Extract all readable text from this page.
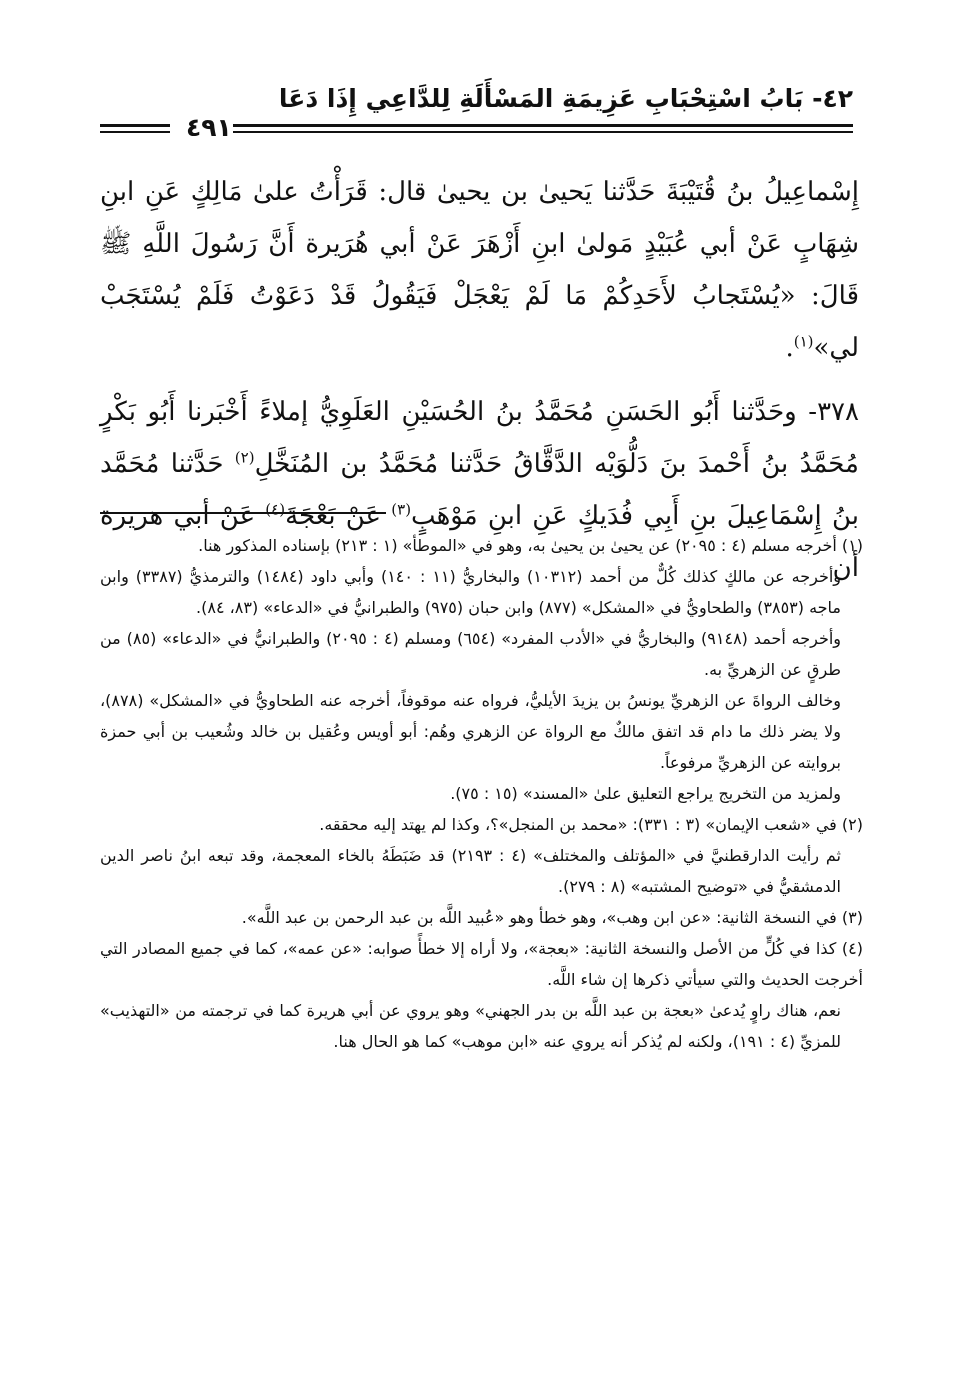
٤٢- بَابُ اسْتِحْبَابِ عَزِيمَةِ المَسْأَلَةِ لِلدَّاعِي إِذَا دَعَا
٤٩١

إِسْماعِيلُ بنُ قُتَيْبَةَ حَدَّثنا يَحيىٰ بن يحيىٰ قال: قَرَأْتُ علىٰ مَالِكٍ عَنِ ابنِ شِهَابٍ عَنْ أبي عُبَيْدٍ مَولىٰ ابنِ أَزْهَرَ عَنْ أبي هُرَيرة أَنَّ رَسُولَ اللَّهِ ﷺ قَالَ: «يُسْتَجابُ لأَحَدِكُمْ مَا لَمْ يَعْجَلْ فَيَقُولُ قَدْ دَعَوْتُ فَلَمْ يُسْتَجَبْ لي»$^{(١)}$.

٣٧٨- وحَدَّثنا أَبُو الحَسَنِ مُحَمَّدُ بنُ الحُسَيْنِ العَلَوِيُّ إملاءً أَخْبَرنا أَبُو بَكْرٍ مُحَمَّدُ بنُ أَحْمدَ بنَ دَلُّوَيْه الدَّقَّاقُ حَدَّثنا مُحَمَّدُ بن المُنَخَّلِ$^{(٢)}$ حَدَّثنا مُحَمَّد بنُ إِسْمَاعِيلَ بنِ أَبِي فُدَيكٍ عَنِ ابنِ مَوْهَبٍ$^{(٣)}$ عَنْ بَعْجَةَ$^{(٤)}$ عَنْ أبي هريرة أن

(١) أخرجه مسلم (٤ : ٢٠٩٥) عن يحيىٰ بن يحيىٰ به، وهو في «الموطأ» (١ : ٢١٣) بإسناده المذكور هنا.

وأخرجه عن مالكٍ كذلك كُلٌّ من أحمد (١٠٣١٢) والبخاريُّ (١١ : ١٤٠) وأبي داود (١٤٨٤) والترمذيُّ (٣٣٨٧) وابن ماجه (٣٨٥٣) والطحاويُّ في «المشكل» (٨٧٧) وابن حبان (٩٧٥) والطبرانيُّ في «الدعاء» (٨٣، ٨٤).

وأخرجه أحمد (٩١٤٨) والبخاريُّ في «الأدب المفرد» (٦٥٤) ومسلم (٤ : ٢٠٩٥) والطبرانيُّ في «الدعاء» (٨٥) من طرقٍ عن الزهريِّ به.

وخالف الرواةَ عن الزهريِّ يونسُ بن يزيدَ الأيليُّ، فرواه عنه موقوفاً، أخرجه عنه الطحاويُّ في «المشكل» (٨٧٨)، ولا يضر ذلك ما دام قد اتفق مالكٌ مع الرواة عن الزهري وهُم: أبو أويس وعُقيل بن خالد وشُعيب بن أبي حمزة بروايته عن الزهريِّ مرفوعاً.

ولمزيد من التخريج يراجع التعليق علىٰ «المسند» (١٥ : ٧٥).

(٢) في «شعب الإيمان» (٣ : ٣٣١): «محمد بن المنجل»؟، وكذا لم يهتد إليه محققه.

ثم رأيت الدارقطنيَّ في «المؤتلف والمختلف» (٤ : ٢١٩٣) قد ضَبَطَهُ بالخاء المعجمة، وقد تبعه ابنُ ناصر الدين الدمشقيُّ في «توضيح المشتبه» (٨ : ٢٧٩).

(٣) في النسخة الثانية: «عن ابن وهب»، وهو خطأ وهو «عُبيد اللَّه بن عبد الرحمن بن عبد اللَّه».

(٤) كذا في كُلٍّ من الأصل والنسخة الثانية: «بعجة»، ولا أراه إلا خطأً صوابه: «عن عمه»، كما في جميع المصادر التي أخرجت الحديث والتي سيأتي ذكرها إن شاء اللَّه.

نعم، هناك راوٍ يُدعىٰ «بعجة بن عبد اللَّه بن بدر الجهني» وهو يروي عن أبي هريرة كما في ترجمته من «التهذيب» للمزيِّ (٤ : ١٩١)، ولكنه لم يُذكر أنه يروي عنه «ابن موهب» كما هو الحال هنا.
